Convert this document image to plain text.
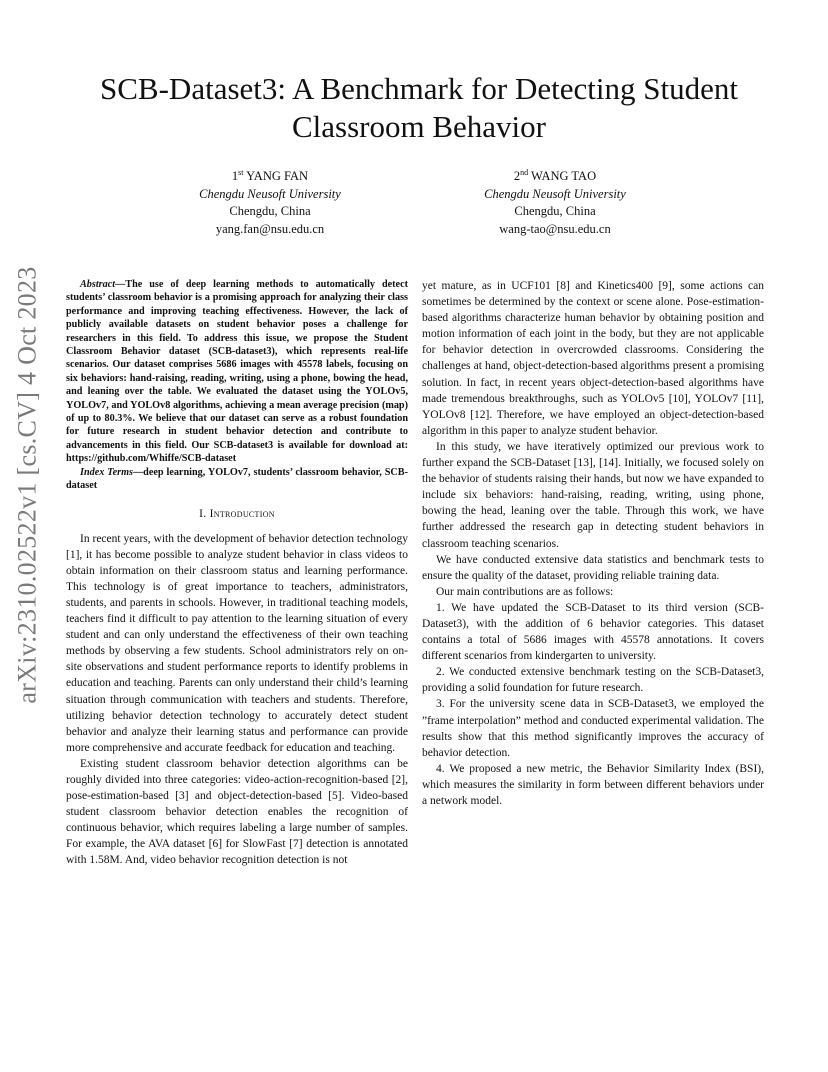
arXiv:2310.02522v1 [cs.CV] 4 Oct 2023
SCB-Dataset3: A Benchmark for Detecting Student Classroom Behavior
1st YANG FAN
Chengdu Neusoft University
Chengdu, China
yang.fan@nsu.edu.cn
2nd WANG TAO
Chengdu Neusoft University
Chengdu, China
wang-tao@nsu.edu.cn

Abstract—The use of deep learning methods to automatically detect students’ classroom behavior is a promising approach for analyzing their class performance and improving teaching effectiveness. However, the lack of publicly available datasets on student behavior poses a challenge for researchers in this field. To address this issue, we propose the Student Classroom Behavior dataset (SCB-dataset3), which represents real-life scenarios. Our dataset comprises 5686 images with 45578 labels, focusing on six behaviors: hand-raising, reading, writing, using a phone, bowing the head, and leaning over the table. We evaluated the dataset using the YOLOv5, YOLOv7, and YOLOv8 algorithms, achieving a mean average precision (map) of up to 80.3%. We believe that our dataset can serve as a robust foundation for future research in student behavior detection and contribute to advancements in this field. Our SCB-dataset3 is available for download at: https://github.com/Whiffe/SCB-dataset

Index Terms—deep learning, YOLOv7, students’ classroom behavior, SCB-dataset

I. Introduction

In recent years, with the development of behavior detection technology [1], it has become possible to analyze student behavior in class videos to obtain information on their classroom status and learning performance. This technology is of great importance to teachers, administrators, students, and parents in schools. However, in traditional teaching models, teachers find it difficult to pay attention to the learning situation of every student and can only understand the effectiveness of their own teaching methods by observing a few students. School administrators rely on on-site observations and student performance reports to identify problems in education and teaching. Parents can only understand their child’s learning situation through communication with teachers and students. Therefore, utilizing behavior detection technology to accurately detect student behavior and analyze their learning status and performance can provide more comprehensive and accurate feedback for education and teaching.

Existing student classroom behavior detection algorithms can be roughly divided into three categories: video-action-recognition-based [2], pose-estimation-based [3] and object-detection-based [5]. Video-based student classroom behavior detection enables the recognition of continuous behavior, which requires labeling a large number of samples. For example, the AVA dataset [6] for SlowFast [7] detection is annotated with 1.58M. And, video behavior recognition detection is not

yet mature, as in UCF101 [8] and Kinetics400 [9], some actions can sometimes be determined by the context or scene alone. Pose-estimation-based algorithms characterize human behavior by obtaining position and motion information of each joint in the body, but they are not applicable for behavior detection in overcrowded classrooms. Considering the challenges at hand, object-detection-based algorithms present a promising solution. In fact, in recent years object-detection-based algorithms have made tremendous breakthroughs, such as YOLOv5 [10], YOLOv7 [11], YOLOv8 [12]. Therefore, we have employed an object-detection-based algorithm in this paper to analyze student behavior.

In this study, we have iteratively optimized our previous work to further expand the SCB-Dataset [13], [14]. Initially, we focused solely on the behavior of students raising their hands, but now we have expanded to include six behaviors: hand-raising, reading, writing, using phone, bowing the head, leaning over the table. Through this work, we have further addressed the research gap in detecting student behaviors in classroom teaching scenarios.

We have conducted extensive data statistics and benchmark tests to ensure the quality of the dataset, providing reliable training data.

Our main contributions are as follows:

1. We have updated the SCB-Dataset to its third version (SCB-Dataset3), with the addition of 6 behavior categories. This dataset contains a total of 5686 images with 45578 annotations. It covers different scenarios from kindergarten to university.

2. We conducted extensive benchmark testing on the SCB-Dataset3, providing a solid foundation for future research.

3. For the university scene data in SCB-Dataset3, we employed the ”frame interpolation” method and conducted experimental validation. The results show that this method significantly improves the accuracy of behavior detection.

4. We proposed a new metric, the Behavior Similarity Index (BSI), which measures the similarity in form between different behaviors under a network model.
